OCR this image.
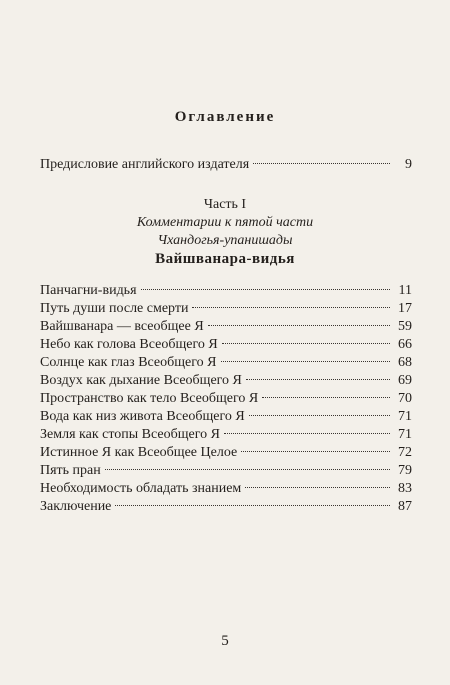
Оглавление
Предисловие английского издателя	9
Часть I
Комментарии к пятой части
Чхандогья-упанишады
Вайшванара-видья
Панчагни-видья	11
Путь души после смерти	17
Вайшванара — всеобщее Я	59
Небо как голова Всеобщего Я	66
Солнце как глаз Всеобщего Я	68
Воздух как дыхание Всеобщего Я	69
Пространство как тело Всеобщего Я	70
Вода как низ живота Всеобщего Я	71
Земля как стопы Всеобщего Я	71
Истинное Я как Всеобщее Целое	72
Пять пран	79
Необходимость обладать знанием	83
Заключение	87
5
